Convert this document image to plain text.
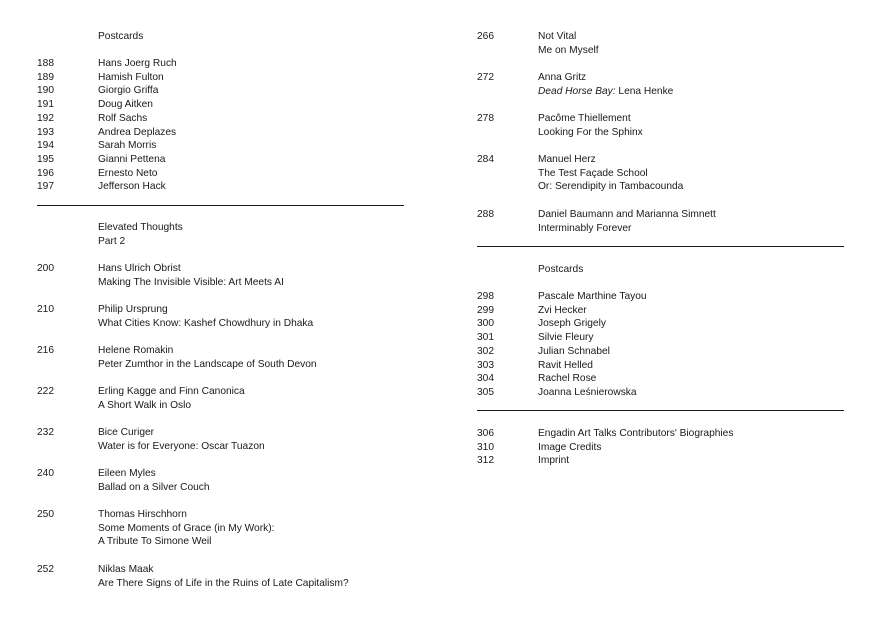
Postcards
188	Hans Joerg Ruch
189	Hamish Fulton
190	Giorgio Griffa
191	Doug Aitken
192	Rolf Sachs
193	Andrea Deplazes
194	Sarah Morris
195	Gianni Pettena
196	Ernesto Neto
197	Jefferson Hack
Elevated Thoughts
Part 2
200	Hans Ulrich Obrist
Making The Invisible Visible: Art Meets AI
210	Philip Ursprung
What Cities Know: Kashef Chowdhury in Dhaka
216	Helene Romakin
Peter Zumthor in the Landscape of South Devon
222	Erling Kagge and Finn Canonica
A Short Walk in Oslo
232	Bice Curiger
Water is for Everyone: Oscar Tuazon
240	Eileen Myles
Ballad on a Silver Couch
250	Thomas Hirschhorn
Some Moments of Grace (in My Work):
A Tribute To Simone Weil
252	Niklas Maak
Are There Signs of Life in the Ruins of Late Capitalism?
266	Not Vital
Me on Myself
272	Anna Gritz
Dead Horse Bay: Lena Henke
278	Pacôme Thiellement
Looking For the Sphinx
284	Manuel Herz
The Test Façade School
Or: Serendipity in Tambacounda
288	Daniel Baumann and Marianna Simnett
Interminably Forever
Postcards
298	Pascale Marthine Tayou
299	Zvi Hecker
300	Joseph Grigely
301	Silvie Fleury
302	Julian Schnabel
303	Ravit Helled
304	Rachel Rose
305	Joanna Leśnierowska
306	Engadin Art Talks Contributors' Biographies
310	Image Credits
312	Imprint
